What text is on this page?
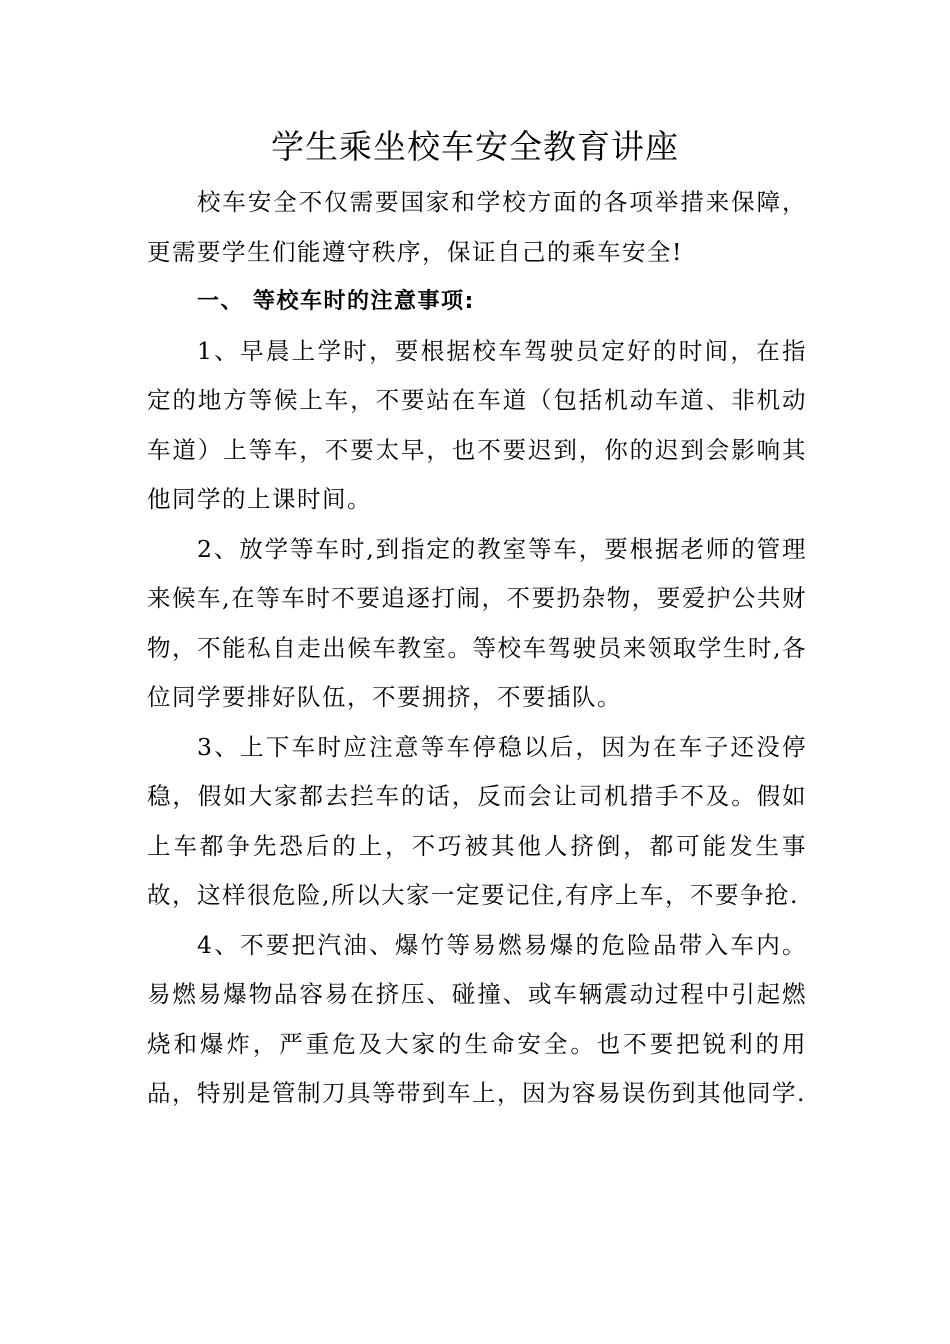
学生乘坐校车安全教育讲座

校车安全不仅需要国家和学校方面的各项举措来保障，更需要学生们能遵守秩序，保证自己的乘车安全!

一、 等校车时的注意事项:

1、早晨上学时，要根据校车驾驶员定好的时间，在指定的地方等候上车，不要站在车道（包括机动车道、非机动车道）上等车，不要太早，也不要迟到，你的迟到会影响其他同学的上课时间。

2、放学等车时,到指定的教室等车，要根据老师的管理来候车,在等车时不要追逐打闹，不要扔杂物，要爱护公共财物，不能私自走出候车教室。等校车驾驶员来领取学生时,各位同学要排好队伍，不要拥挤，不要插队。

3、上下车时应注意等车停稳以后，因为在车子还没停稳，假如大家都去拦车的话，反而会让司机措手不及。假如上车都争先恐后的上，不巧被其他人挤倒，都可能发生事故，这样很危险,所以大家一定要记住,有序上车，不要争抢.

4、不要把汽油、爆竹等易燃易爆的危险品带入车内。易燃易爆物品容易在挤压、碰撞、或车辆震动过程中引起燃烧和爆炸，严重危及大家的生命安全。也不要把锐利的用品，特别是管制刀具等带到车上，因为容易误伤到其他同学.
